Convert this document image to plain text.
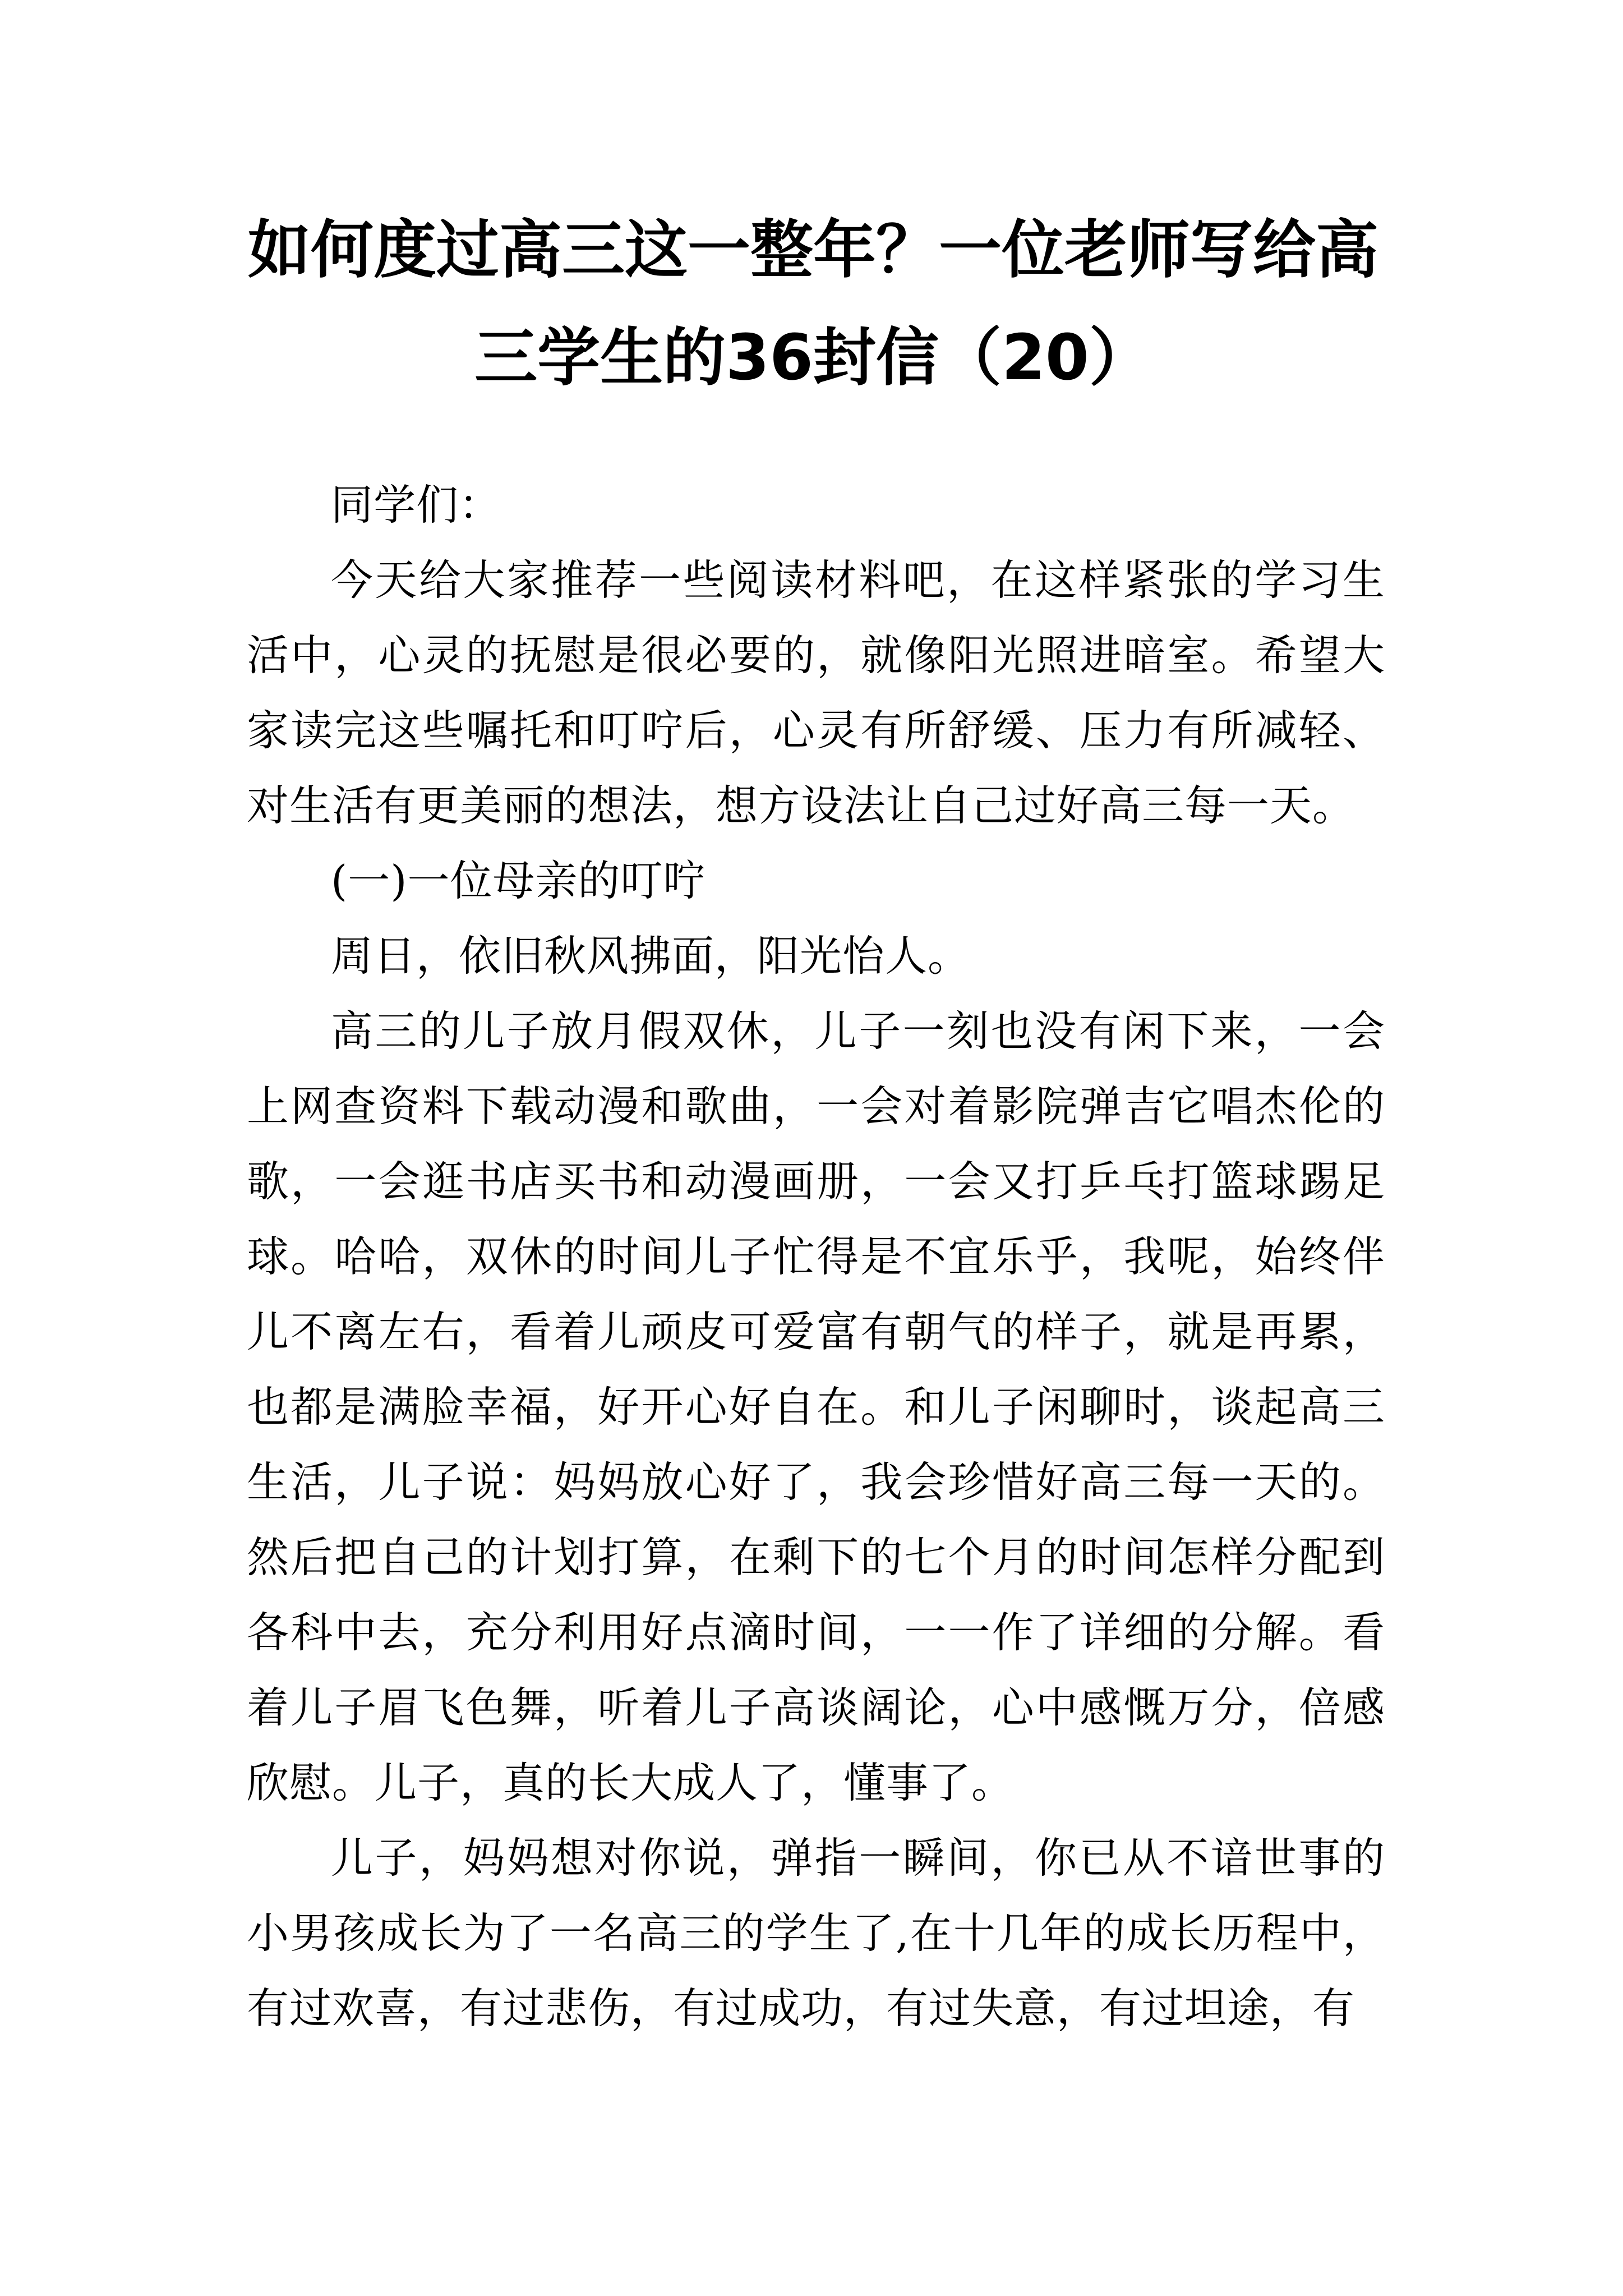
如何度过高三这一整年？一位老师写给高
三学生的36封信（20）

同学们：

今天给大家推荐一些阅读材料吧，在这样紧张的学习生活中，心灵的抚慰是很必要的，就像阳光照进暗室。希望大家读完这些嘱托和叮咛后，心灵有所舒缓、压力有所减轻、对生活有更美丽的想法，想方设法让自己过好高三每一天。

(一)一位母亲的叮咛

周日，依旧秋风拂面，阳光怡人。

高三的儿子放月假双休，儿子一刻也没有闲下来，一会上网查资料下载动漫和歌曲，一会对着影院弹吉它唱杰伦的歌，一会逛书店买书和动漫画册，一会又打乒乓打篮球踢足球。哈哈，双休的时间儿子忙得是不宜乐乎，我呢，始终伴儿不离左右，看着儿顽皮可爱富有朝气的样子，就是再累，也都是满脸幸福，好开心好自在。和儿子闲聊时，谈起高三生活，儿子说：妈妈放心好了，我会珍惜好高三每一天的。然后把自己的计划打算，在剩下的七个月的时间怎样分配到各科中去，充分利用好点滴时间，一一作了详细的分解。看着儿子眉飞色舞，听着儿子高谈阔论，心中感慨万分，倍感欣慰。儿子，真的长大成人了，懂事了。

儿子，妈妈想对你说，弹指一瞬间，你已从不谙世事的小男孩成长为了一名高三的学生了,在十几年的成长历程中，有过欢喜，有过悲伤，有过成功，有过失意，有过坦途，有
